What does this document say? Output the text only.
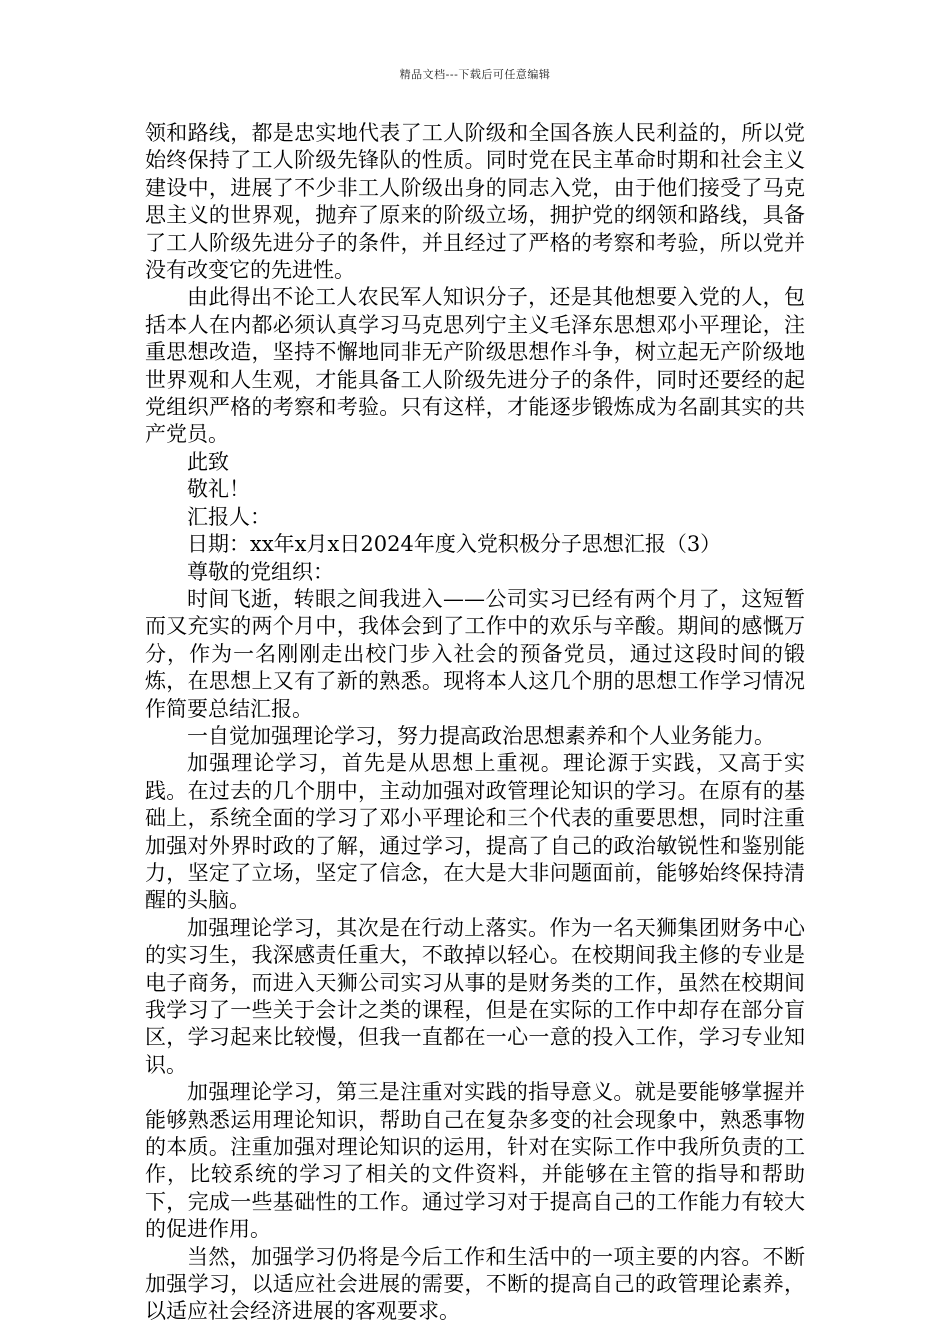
精品文档---下载后可任意编辑

领和路线，都是忠实地代表了工人阶级和全国各族人民利益的，所以党始终保持了工人阶级先锋队的性质。同时党在民主革命时期和社会主义建设中，进展了不少非工人阶级出身的同志入党，由于他们接受了马克思主义的世界观，抛弃了原来的阶级立场，拥护党的纲领和路线，具备了工人阶级先进分子的条件，并且经过了严格的考察和考验，所以党并没有改变它的先进性。

由此得出不论工人农民军人知识分子，还是其他想要入党的人，包括本人在内都必须认真学习马克思列宁主义毛泽东思想邓小平理论，注重思想改造，坚持不懈地同非无产阶级思想作斗争，树立起无产阶级地世界观和人生观，才能具备工人阶级先进分子的条件，同时还要经的起党组织严格的考察和考验。只有这样，才能逐步锻炼成为名副其实的共产党员。

此致

敬礼！

汇报人：

日期：xx年x月x日2024年度入党积极分子思想汇报（3）

尊敬的党组织：

时间飞逝，转眼之间我进入——公司实习已经有两个月了，这短暂而又充实的两个月中，我体会到了工作中的欢乐与辛酸。期间的感慨万分，作为一名刚刚走出校门步入社会的预备党员，通过这段时间的锻炼，在思想上又有了新的熟悉。现将本人这几个朋的思想工作学习情况作简要总结汇报。

一自觉加强理论学习，努力提高政治思想素养和个人业务能力。

加强理论学习，首先是从思想上重视。理论源于实践，又高于实践。在过去的几个朋中，主动加强对政管理论知识的学习。在原有的基础上，系统全面的学习了邓小平理论和三个代表的重要思想，同时注重加强对外界时政的了解，通过学习，提高了自己的政治敏锐性和鉴别能力，坚定了立场，坚定了信念，在大是大非问题面前，能够始终保持清醒的头脑。

加强理论学习，其次是在行动上落实。作为一名天狮集团财务中心的实习生，我深感责任重大，不敢掉以轻心。在校期间我主修的专业是电子商务，而进入天狮公司实习从事的是财务类的工作，虽然在校期间我学习了一些关于会计之类的课程，但是在实际的工作中却存在部分盲区，学习起来比较慢，但我一直都在一心一意的投入工作，学习专业知识。

加强理论学习，第三是注重对实践的指导意义。就是要能够掌握并能够熟悉运用理论知识，帮助自己在复杂多变的社会现象中，熟悉事物的本质。注重加强对理论知识的运用，针对在实际工作中我所负责的工作，比较系统的学习了相关的文件资料，并能够在主管的指导和帮助下，完成一些基础性的工作。通过学习对于提高自己的工作能力有较大的促进作用。

当然，加强学习仍将是今后工作和生活中的一项主要的内容。不断加强学习，以适应社会进展的需要，不断的提高自己的政管理论素养，以适应社会经济进展的客观要求。
